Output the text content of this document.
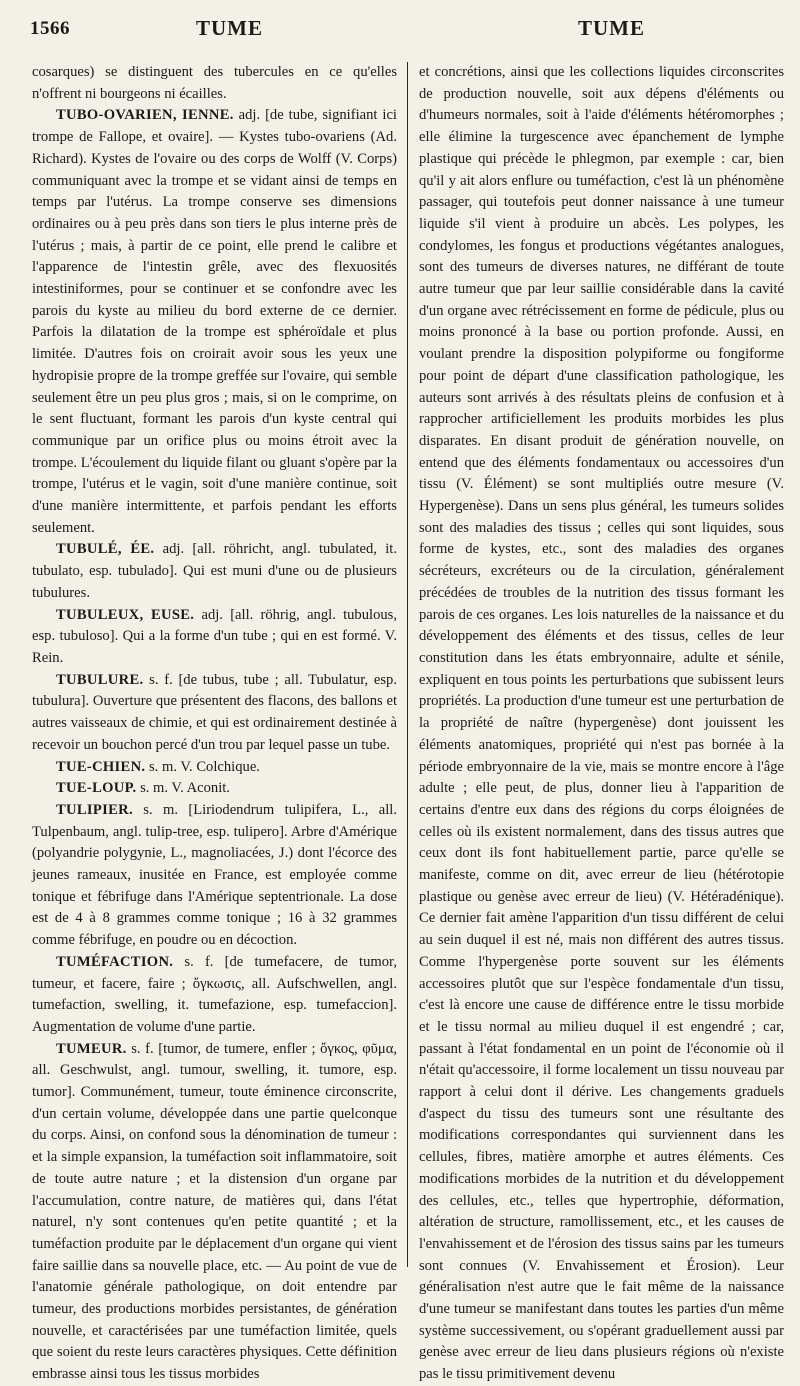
1566	TUME	TUME

cosarques) se distinguent des tubercules en ce qu'elles n'offrent ni bourgeons ni écailles.

TUBO-OVARIEN, IENNE. adj. [de tube, signifiant ici trompe de Fallope, et ovaire]. — Kystes tubo-ovariens (Ad. Richard). Kystes de l'ovaire ou des corps de Wolff (V. Corps) communiquant avec la trompe et se vidant ainsi de temps en temps par l'utérus. La trompe conserve ses dimensions ordinaires ou à peu près dans son tiers le plus interne près de l'utérus ; mais, à partir de ce point, elle prend le calibre et l'apparence de l'intestin grêle, avec des flexuosités intestiniformes, pour se continuer et se confondre avec les parois du kyste au milieu du bord externe de ce dernier. Parfois la dilatation de la trompe est sphéroïdale et plus limitée. D'autres fois on croirait avoir sous les yeux une hydropisie propre de la trompe greffée sur l'ovaire, qui semble seulement être un peu plus gros ; mais, si on le comprime, on le sent fluctuant, formant les parois d'un kyste central qui communique par un orifice plus ou moins étroit avec la trompe. L'écoulement du liquide filant ou gluant s'opère par la trompe, l'utérus et le vagin, soit d'une manière continue, soit d'une manière intermittente, et parfois pendant les efforts seulement.

TUBULÉ, ÉE. adj. [all. röhricht, angl. tubulated, it. tubulato, esp. tubulado]. Qui est muni d'une ou de plusieurs tubulures.

TUBULEUX, EUSE. adj. [all. röhrig, angl. tubulous, esp. tubuloso]. Qui a la forme d'un tube ; qui en est formé. V. Rein.

TUBULURE. s. f. [de tubus, tube ; all. Tubulatur, esp. tubulura]. Ouverture que présentent des flacons, des ballons et autres vaisseaux de chimie, et qui est ordinairement destinée à recevoir un bouchon percé d'un trou par lequel passe un tube.

TUE-CHIEN. s. m. V. Colchique.

TUE-LOUP. s. m. V. Aconit.

TULIPIER. s. m. [Liriodendrum tulipifera, L., all. Tulpenbaum, angl. tulip-tree, esp. tulipero]. Arbre d'Amérique (polyandrie polygynie, L., magnoliacées, J.) dont l'écorce des jeunes rameaux, inusitée en France, est employée comme tonique et fébrifuge dans l'Amérique septentrionale. La dose est de 4 à 8 grammes comme tonique ; 16 à 32 grammes comme fébrifuge, en poudre ou en décoction.

TUMÉFACTION. s. f. [de tumefacere, de tumor, tumeur, et facere, faire ; ὄγκωσις, all. Aufschwellen, angl. tumefaction, swelling, it. tumefazione, esp. tumefaccion]. Augmentation de volume d'une partie.

TUMEUR. s. f. [tumor, de tumere, enfler ; ὄγκος, φῦμα, all. Geschwulst, angl. tumour, swelling, it. tumore, esp. tumor]. Communément, tumeur, toute éminence circonscrite, d'un certain volume, développée dans une partie quelconque du corps. Ainsi, on confond sous la dénomination de tumeur : et la simple expansion, la tuméfaction soit inflammatoire, soit de toute autre nature ; et la distension d'un organe par l'accumulation, contre nature, de matières qui, dans l'état naturel, n'y sont contenues qu'en petite quantité ; et la tuméfaction produite par le déplacement d'un organe qui vient faire saillie dans sa nouvelle place, etc. — Au point de vue de l'anatomie générale pathologique, on doit entendre par tumeur, des productions morbides persistantes, de génération nouvelle, et caractérisées par une tuméfaction limitée, quels que soient du reste leurs caractères physiques. Cette définition embrasse ainsi tous les tissus morbides

et concrétions, ainsi que les collections liquides circonscrites de production nouvelle, soit aux dépens d'éléments ou d'humeurs normales, soit à l'aide d'éléments hétéromorphes ; elle élimine la turgescence avec épanchement de lymphe plastique qui précède le phlegmon, par exemple : car, bien qu'il y ait alors enflure ou tuméfaction, c'est là un phénomène passager, qui toutefois peut donner naissance à une tumeur liquide s'il vient à produire un abcès. Les polypes, les condylomes, les fongus et productions végétantes analogues, sont des tumeurs de diverses natures, ne différant de toute autre tumeur que par leur saillie considérable dans la cavité d'un organe avec rétrécissement en forme de pédicule, plus ou moins prononcé à la base ou portion profonde. Aussi, en voulant prendre la disposition polypiforme ou fongiforme pour point de départ d'une classification pathologique, les auteurs sont arrivés à des résultats pleins de confusion et à rapprocher artificiellement les produits morbides les plus disparates. En disant produit de génération nouvelle, on entend que des éléments fondamentaux ou accessoires d'un tissu (V. Élément) se sont multipliés outre mesure (V. Hypergenèse). Dans un sens plus général, les tumeurs solides sont des maladies des tissus ; celles qui sont liquides, sous forme de kystes, etc., sont des maladies des organes sécréteurs, excréteurs ou de la circulation, généralement précédées de troubles de la nutrition des tissus formant les parois de ces organes. Les lois naturelles de la naissance et du développement des éléments et des tissus, celles de leur constitution dans les états embryonnaire, adulte et sénile, expliquent en tous points les perturbations que subissent leurs propriétés. La production d'une tumeur est une perturbation de la propriété de naître (hypergenèse) dont jouissent les éléments anatomiques, propriété qui n'est pas bornée à la période embryonnaire de la vie, mais se montre encore à l'âge adulte ; elle peut, de plus, donner lieu à l'apparition de certains d'entre eux dans des régions du corps éloignées de celles où ils existent normalement, dans des tissus autres que ceux dont ils font habituellement partie, parce qu'elle se manifeste, comme on dit, avec erreur de lieu (hétérotopie plastique ou genèse avec erreur de lieu) (V. Hétéradénique). Ce dernier fait amène l'apparition d'un tissu différent de celui au sein duquel il est né, mais non différent des autres tissus. Comme l'hypergenèse porte souvent sur les éléments accessoires plutôt que sur l'espèce fondamentale d'un tissu, c'est là encore une cause de différence entre le tissu morbide et le tissu normal au milieu duquel il est engendré ; car, passant à l'état fondamental en un point de l'économie où il n'était qu'accessoire, il forme localement un tissu nouveau par rapport à celui dont il dérive. Les changements graduels d'aspect du tissu des tumeurs sont une résultante des modifications correspondantes qui surviennent dans les cellules, fibres, matière amorphe et autres éléments. Ces modifications morbides de la nutrition et du développement des cellules, etc., telles que hypertrophie, déformation, altération de structure, ramollissement, etc., et les causes de l'envahissement et de l'érosion des tissus sains par les tumeurs sont connues (V. Envahissement et Érosion). Leur généralisation n'est autre que le fait même de la naissance d'une tumeur se manifestant dans toutes les parties d'un même système successivement, ou s'opérant graduellement aussi par genèse avec erreur de lieu dans plusieurs régions où n'existe pas le tissu primitivement devenu
